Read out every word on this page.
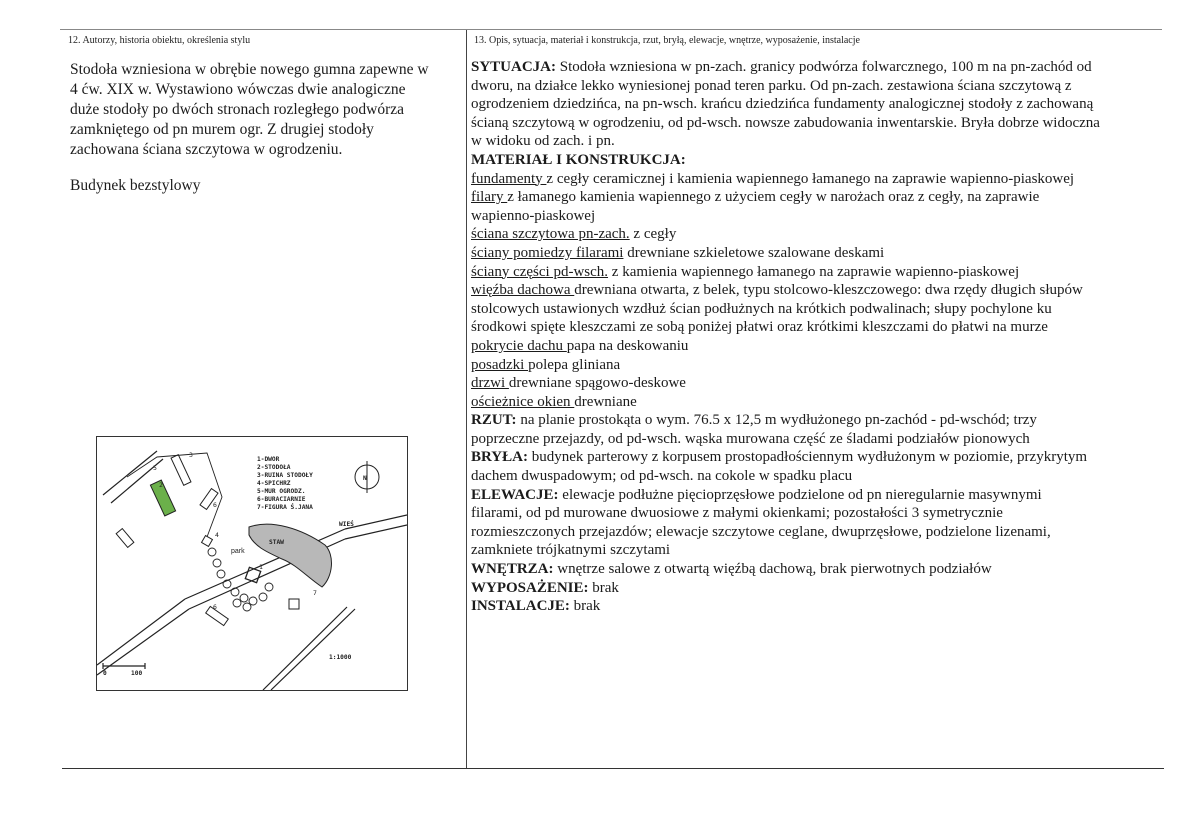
12. Autorzy, historia obiektu, określenia stylu	13. Opis, sytuacja, materiał i konstrukcja, rzut, bryłą, elewacje, wnętrze, wyposażenie, instalacje

Stodoła wzniesiona w obrębie nowego gumna zapewne w

4 ćw. XIX w. Wystawiono wówczas dwie analogiczne

duże stodoły po dwóch stronach rozległego podwórza

zamkniętego od pn murem ogr. Z drugiej stodoły

zachowana ściana szczytowa w ogrodzeniu.

Budynek bezstylowy
1
2
3
4
5
6
6
7
1-DWOR
2-STODOŁA
3-RUINA STODOŁY
4-SPICHRZ
5-MUR OGRODZ.
6-BURACIARNIE
7-FIGURA Ś.JANA
STAW
WIEŚ
N
1:1000
0	100
park
SYTUACJA: Stodoła wzniesiona w pn-zach. granicy podwórza folwarcznego, 100 m na pn-zachód od
dworu, na działce lekko wyniesionej ponad teren parku. Od pn-zach. zestawiona ściana szczytową z
ogrodzeniem dziedzińca, na pn-wsch. krańcu dziedzińca fundamenty analogicznej stodoły z zachowaną
ścianą szczytową w ogrodzeniu, od pd-wsch. nowsze zabudowania inwentarskie. Bryła dobrze widoczna
w widoku od zach. i pn.
MATERIAŁ I KONSTRUKCJA:
fundamenty z cegły ceramicznej i kamienia wapiennego łamanego na zaprawie wapienno-piaskowej
filary z łamanego kamienia wapiennego z użyciem cegły w narożach oraz z cegły, na zaprawie
wapienno-piaskowej
ściana szczytowa pn-zach. z cegły
ściany pomiedzy filarami drewniane szkieletowe szalowane deskami
ściany części pd-wsch. z kamienia wapiennego łamanego na zaprawie wapienno-piaskowej
więźba dachowa drewniana otwarta, z belek, typu stolcowo-kleszczowego: dwa rzędy długich słupów
stolcowych ustawionych wzdłuż ścian podłużnych na krótkich podwalinach; słupy pochylone ku
środkowi spięte kleszczami ze sobą poniżej płatwi oraz krótkimi kleszczami do płatwi na murze
pokrycie dachu papa na deskowaniu
posadzki polepa gliniana
drzwi drewniane spągowo-deskowe
ościeżnice okien drewniane
RZUT: na planie prostokąta o wym. 76.5 x 12,5 m wydłużonego pn-zachód - pd-wschód; trzy
poprzeczne przejazdy, od pd-wsch. wąska murowana część ze śladami podziałów pionowych
BRYŁA: budynek parterowy z korpusem prostopadłościennym wydłużonym w poziomie, przykrytym
dachem dwuspadowym; od pd-wsch. na cokole w spadku placu
ELEWACJE: elewacje podłużne pięcioprzęsłowe podzielone od pn nieregularnie masywnymi
filarami, od pd murowane dwuosiowe z małymi okienkami; pozostałości 3 symetrycznie
rozmieszczonych przejazdów; elewacje szczytowe ceglane, dwuprzęsłowe, podzielone lizenami,
zamkniete trójkatnymi szczytami
WNĘTRZA: wnętrze salowe z otwartą więźbą dachową, brak pierwotnych podziałów
WYPOSAŻENIE: brak
INSTALACJE: brak
